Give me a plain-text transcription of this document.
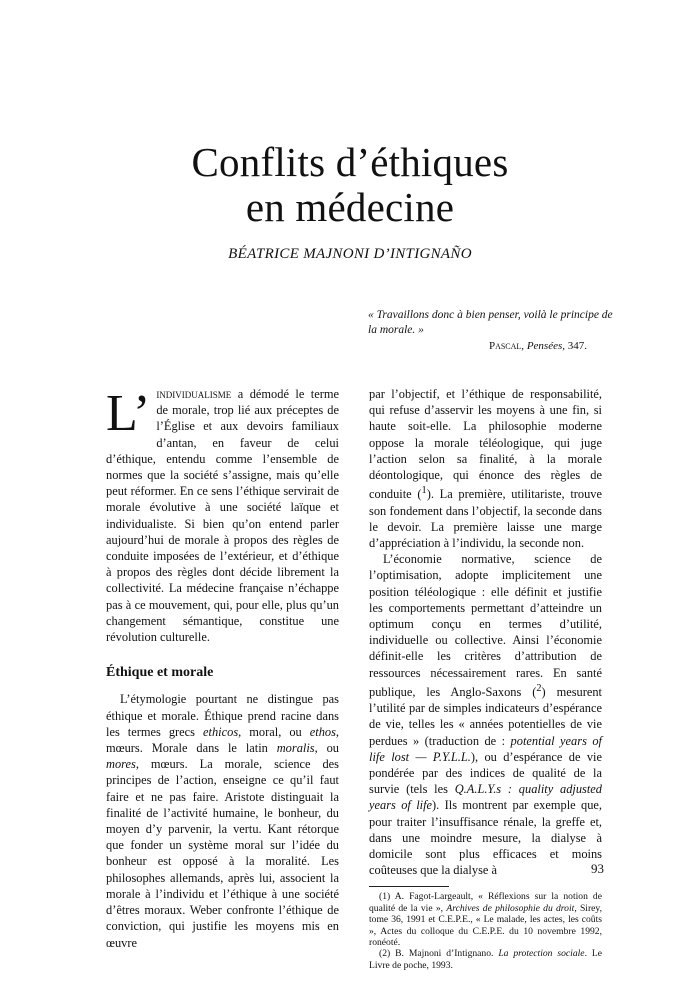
Conflits d’éthiques
en médecine
BÉATRICE MAJNONI D’INTIGNAÑO
« Travaillons donc à bien penser, voilà le principe de la morale. »
Pascal, Pensées, 347.

L’ individualisme a démodé le terme de morale, trop lié aux préceptes de l’Église et aux devoirs familiaux d’antan, en faveur de celui d’éthique, entendu comme l’ensemble de normes que la société s’assigne, mais qu’elle peut réformer. En ce sens l’éthique servirait de morale évolutive à une société laïque et individualiste. Si bien qu’on entend parler aujourd’hui de morale à propos des règles de conduite imposées de l’extérieur, et d’éthique à propos des règles dont décide librement la collectivité. La médecine française n’échappe pas à ce mouvement, qui, pour elle, plus qu’un changement sémantique, constitue une révolution culturelle.

Éthique et morale

L’étymologie pourtant ne distingue pas éthique et morale. Éthique prend racine dans les termes grecs ethicos, moral, ou ethos, mœurs. Morale dans le latin moralis, ou mores, mœurs. La morale, science des principes de l’action, enseigne ce qu’il faut faire et ne pas faire. Aristote distinguait la finalité de l’activité humaine, le bonheur, du moyen d’y parvenir, la vertu. Kant rétorque que fonder un système moral sur l’idée du bonheur est opposé à la moralité. Les philosophes allemands, après lui, associent la morale à l’individu et l’éthique à une société d’êtres moraux. Weber confronte l’éthique de conviction, qui justifie les moyens mis en œuvre

par l’objectif, et l’éthique de responsabilité, qui refuse d’asservir les moyens à une fin, si haute soit-elle. La philosophie moderne oppose la morale téléologique, qui juge l’action selon sa finalité, à la morale déontologique, qui énonce des règles de conduite ($^1$). La première, utilitariste, trouve son fondement dans l’objectif, la seconde dans le devoir. La première laisse une marge d’appréciation à l’individu, la seconde non.

L’économie normative, science de l’optimisation, adopte implicitement une position téléologique : elle définit et justifie les comportements permettant d’atteindre un optimum conçu en termes d’utilité, individuelle ou collective. Ainsi l’économie définit-elle les critères d’attribution de ressources nécessairement rares. En santé publique, les Anglo-Saxons ($^2$) mesurent l’utilité par de simples indicateurs d’espérance de vie, telles les « années potentielles de vie perdues » (traduction de : potential years of life lost — P.Y.L.L.), ou d’espérance de vie pondérée par des indices de qualité de la survie (tels les Q.A.L.Y.s : quality adjusted years of life). Ils montrent par exemple que, pour traiter l’insuffisance rénale, la greffe et, dans une moindre mesure, la dialyse à domicile sont plus efficaces et moins coûteuses que la dialyse à

(1) A. Fagot-Largeault, « Réflexions sur la notion de qualité de la vie », Archives de philosophie du droit, Sirey, tome 36, 1991 et C.E.P.E., « Le malade, les actes, les coûts », Actes du colloque du C.E.P.E. du 10 novembre 1992, ronéoté.

(2) B. Majnoni d’Intignano. La protection sociale. Le Livre de poche, 1993.

93
